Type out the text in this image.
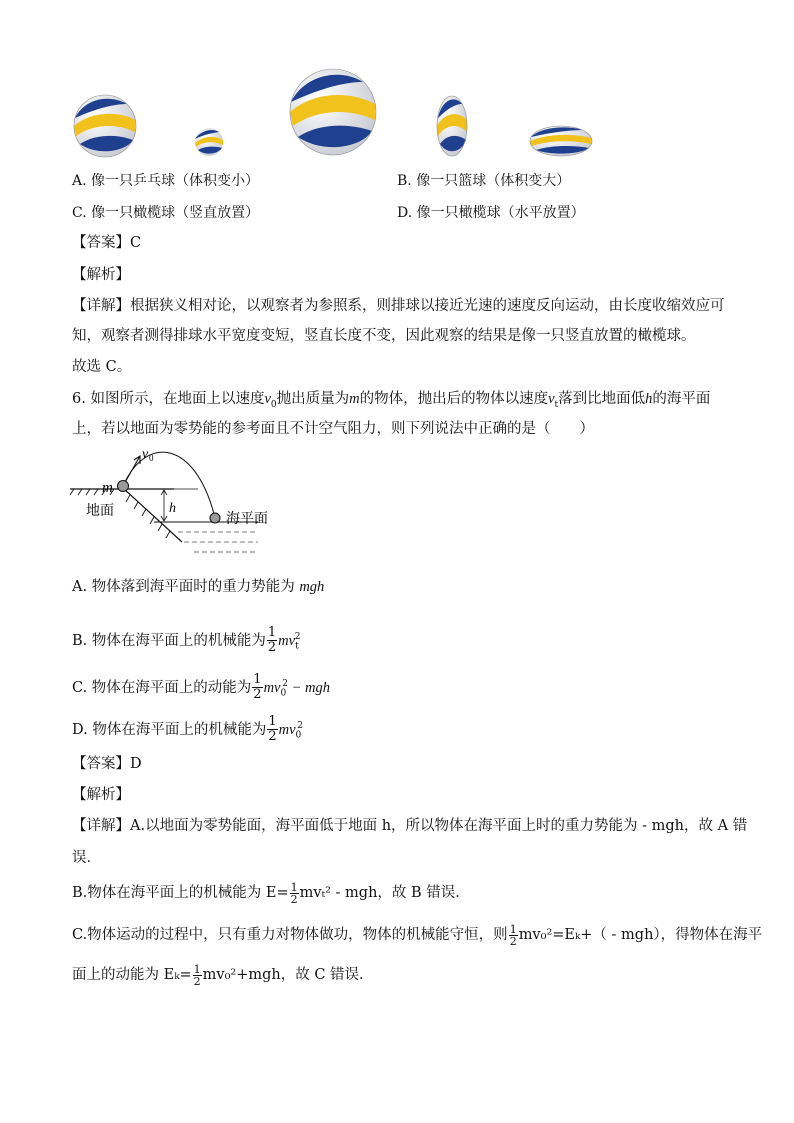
A. 像一只乒乓球（体积变小）	B. 像一只篮球（体积变大）
C. 像一只橄榄球（竖直放置）	D. 像一只橄榄球（水平放置）
【答案】C
【解析】
【详解】根据狭义相对论，以观察者为参照系，则排球以接近光速的速度反向运动，由长度收缩效应可
知，观察者测得排球水平宽度变短，竖直长度不变，因此观察的结果是像一只竖直放置的橄榄球。
故选 C。
6. 如图所示，在地面上以速度$v_0$抛出质量为m的物体，抛出后的物体以速度$v_t$落到比地面低h的海平面
上，若以地面为零势能的参考面且不计空气阻力，则下列说法中正确的是（　　）
v 0
m
地面	h
海平面
A. 物体落到海平面时的重力势能为 mgh
B. 物体在海平面上的机械能为 $\frac{1}{2} mv_t^2$
C. 物体在海平面上的动能为 $\frac{1}{2} mv_0^2$ − mgh
D. 物体在海平面上的机械能为 $\frac{1}{2} mv_0^2$
【答案】D
【解析】
【详解】A.以地面为零势能面，海平面低于地面 h，所以物体在海平面上时的重力势能为 - mgh，故 A 错
误．
B.物体在海平面上的机械能为 $E= \frac{1}{2} mv_t^2$ - mgh，故 B 错误．
C.物体运动的过程中，只有重力对物体做功，物体的机械能守恒，则 $\frac{1}{2} mv_0^2=E_k+( - mgh)$，得物体在海平
面上的动能为 $E_k= \frac{1}{2} mv_0^2+mgh$，故 C 错误．
